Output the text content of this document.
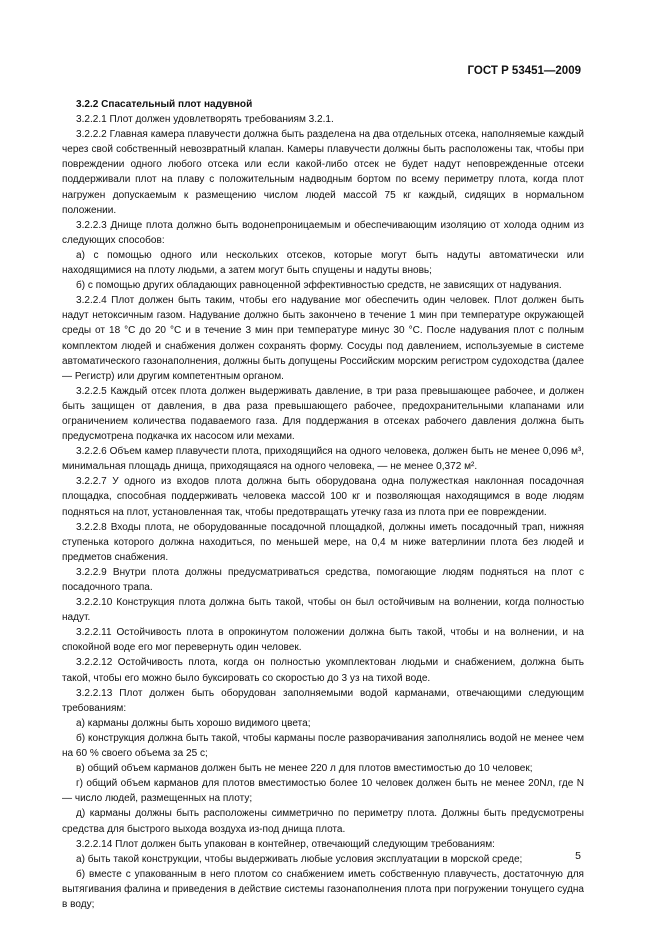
ГОСТ Р 53451—2009

3.2.2 Спасательный плот надувной

3.2.2.1 Плот должен удовлетворять требованиям 3.2.1.

3.2.2.2 Главная камера плавучести должна быть разделена на два отдельных отсека, наполняемые каждый через свой собственный невозвратный клапан. Камеры плавучести должны быть расположены так, чтобы при повреждении одного любого отсека или если какой-либо отсек не будет надут неповрежденные отсеки поддерживали плот на плаву с положительным надводным бортом по всему периметру плота, когда плот нагружен допускаемым к размещению числом людей массой 75 кг каждый, сидящих в нормальном положении.

3.2.2.3 Днище плота должно быть водонепроницаемым и обеспечивающим изоляцию от холода одним из следующих способов:

а) с помощью одного или нескольких отсеков, которые могут быть надуты автоматически или находящимися на плоту людьми, а затем могут быть спущены и надуты вновь;

б) с помощью других обладающих равноценной эффективностью средств, не зависящих от надувания.

3.2.2.4 Плот должен быть таким, чтобы его надувание мог обеспечить один человек. Плот должен быть надут нетоксичным газом. Надувание должно быть закончено в течение 1 мин при температуре окружающей среды от 18 °С до 20 °С и в течение 3 мин при температуре минус 30 °С. После надувания плот с полным комплектом людей и снабжения должен сохранять форму. Сосуды под давлением, используемые в системе автоматического газонаполнения, должны быть допущены Российским морским регистром судоходства (далее — Регистр) или другим компетентным органом.

3.2.2.5 Каждый отсек плота должен выдерживать давление, в три раза превышающее рабочее, и должен быть защищен от давления, в два раза превышающего рабочее, предохранительными клапанами или ограничением количества подаваемого газа. Для поддержания в отсеках рабочего давления должна быть предусмотрена подкачка их насосом или мехами.

3.2.2.6 Объем камер плавучести плота, приходящийся на одного человека, должен быть не менее 0,096 м³, минимальная площадь днища, приходящаяся на одного человека, — не менее 0,372 м².

3.2.2.7 У одного из входов плота должна быть оборудована одна полужесткая наклонная посадочная площадка, способная поддерживать человека массой 100 кг и позволяющая находящимся в воде людям подняться на плот, установленная так, чтобы предотвращать утечку газа из плота при ее повреждении.

3.2.2.8 Входы плота, не оборудованные посадочной площадкой, должны иметь посадочный трап, нижняя ступенька которого должна находиться, по меньшей мере, на 0,4 м ниже ватерлинии плота без людей и предметов снабжения.

3.2.2.9 Внутри плота должны предусматриваться средства, помогающие людям подняться на плот с посадочного трапа.

3.2.2.10 Конструкция плота должна быть такой, чтобы он был остойчивым на волнении, когда полностью надут.

3.2.2.11 Остойчивость плота в опрокинутом положении должна быть такой, чтобы и на волнении, и на спокойной воде его мог перевернуть один человек.

3.2.2.12 Остойчивость плота, когда он полностью укомплектован людьми и снабжением, должна быть такой, чтобы его можно было буксировать со скоростью до 3 уз на тихой воде.

3.2.2.13 Плот должен быть оборудован заполняемыми водой карманами, отвечающими следующим требованиям:

а) карманы должны быть хорошо видимого цвета;

б) конструкция должна быть такой, чтобы карманы после разворачивания заполнялись водой не менее чем на 60 % своего объема за 25 с;

в) общий объем карманов должен быть не менее 220 л для плотов вместимостью до 10 человек;

г) общий объем карманов для плотов вместимостью более 10 человек должен быть не менее 20Nл, где N — число людей, размещенных на плоту;

д) карманы должны быть расположены симметрично по периметру плота. Должны быть предусмотрены средства для быстрого выхода воздуха из-под днища плота.

3.2.2.14 Плот должен быть упакован в контейнер, отвечающий следующим требованиям:

а) быть такой конструкции, чтобы выдерживать любые условия эксплуатации в морской среде;

б) вместе с упакованным в него плотом со снабжением иметь собственную плавучесть, достаточную для вытягивания фалина и приведения в действие системы газонаполнения плота при погружении тонущего судна в воду;

5
